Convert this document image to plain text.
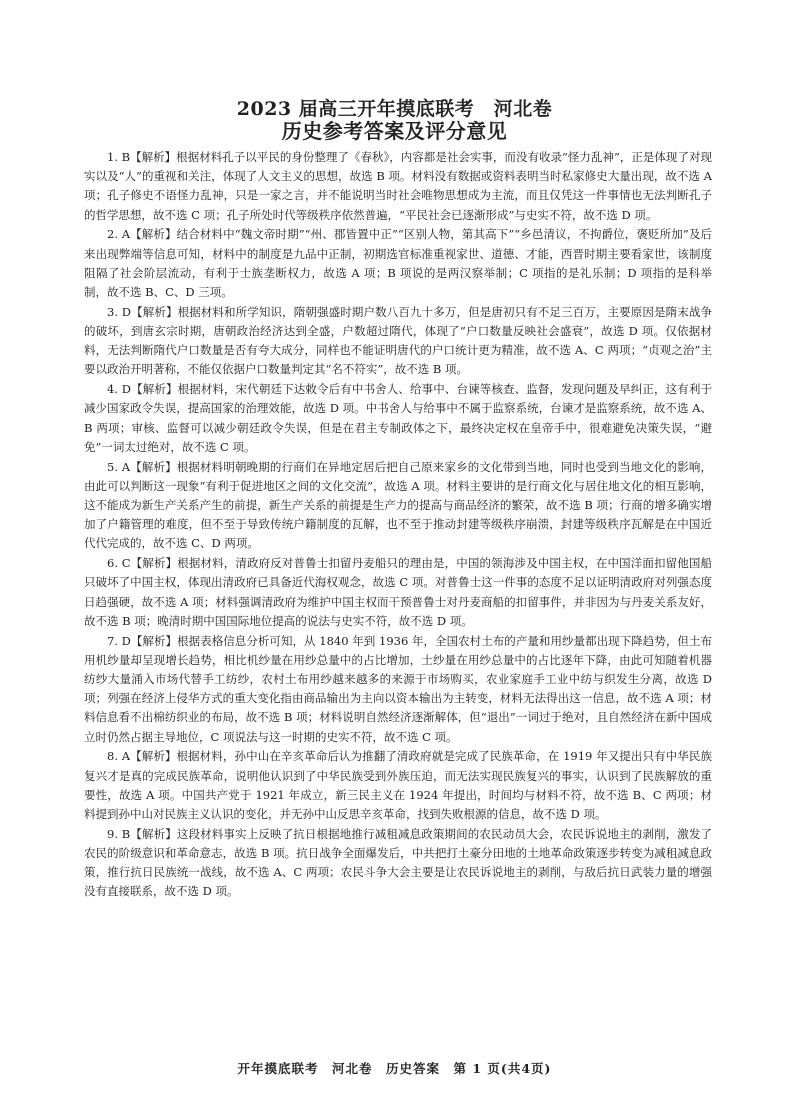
2023 届高三开年摸底联考　河北卷
历史参考答案及评分意见

1. B【解析】根据材料孔子以平民的身份整理了《春秋》，内容都是社会实事，而没有收录“怪力乱神”，正是体现了对现实以及“人”的重视和关注，体现了人文主义的思想，故选 B 项。材料没有数据或资料表明当时私家修史大量出现，故不选 A 项；孔子修史不语怪力乱神，只是一家之言，并不能说明当时社会唯物思想成为主流，而且仅凭这一件事情也无法判断孔子的哲学思想，故不选 C 项；孔子所处时代等级秩序依然普遍，“平民社会已逐渐形成”与史实不符，故不选 D 项。

2. A【解析】结合材料中“魏文帝时期”“州、郡皆置中正”“区别人物，第其高下”“乡邑清议，不拘爵位，褒贬所加”及后来出现弊端等信息可知，材料中的制度是九品中正制，初期选官标准重视家世、道德、才能，西晋时期主要看家世，该制度阻隔了社会阶层流动，有利于士族垄断权力，故选 A 项；B 项说的是两汉察举制；C 项指的是礼乐制；D 项指的是科举制，故不选 B、C、D 三项。

3. D【解析】根据材料和所学知识，隋朝强盛时期户数八百九十多万，但是唐初只有不足三百万，主要原因是隋末战争的破坏，到唐玄宗时期，唐朝政治经济达到全盛，户数超过隋代，体现了“户口数量反映社会盛衰”，故选 D 项。仅依据材料，无法判断隋代户口数量是否有夸大成分，同样也不能证明唐代的户口统计更为精准，故不选 A、C 两项；“贞观之治”主要以政治开明著称，不能仅依据户口数量判定其“名不符实”，故不选 B 项。

4. D【解析】根据材料，宋代朝廷下达敕令后有中书舍人、给事中、台谏等核查、监督，发现问题及早纠正，这有利于减少国家政令失误，提高国家的治理效能，故选 D 项。中书舍人与给事中不属于监察系统，台谏才是监察系统，故不选 A、B 两项；审核、监督可以减少朝廷政令失误，但是在君主专制政体之下，最终决定权在皇帝手中，很难避免决策失误，“避免”一词太过绝对，故不选 C 项。

5. A【解析】根据材料明朝晚期的行商们在异地定居后把自己原来家乡的文化带到当地，同时也受到当地文化的影响，由此可以判断这一现象“有利于促进地区之间的文化交流”，故选 A 项。材料主要讲的是行商文化与居住地文化的相互影响，这不能成为新生产关系产生的前提，新生产关系的前提是生产力的提高与商品经济的繁荣，故不选 B 项；行商的增多确实增加了户籍管理的难度，但不至于导致传统户籍制度的瓦解，也不至于推动封建等级秩序崩溃，封建等级秩序瓦解是在中国近代代完成的，故不选 C、D 两项。

6. C【解析】根据材料，清政府反对普鲁士扣留丹麦船只的理由是，中国的领海涉及中国主权，在中国洋面扣留他国船只破坏了中国主权，体现出清政府已具备近代海权观念，故选 C 项。对普鲁士这一件事的态度不足以证明清政府对列强态度日趋强硬，故不选 A 项；材料强调清政府为维护中国主权而干预普鲁士对丹麦商船的扣留事件，并非因为与丹麦关系友好，故不选 B 项；晚清时期中国国际地位提高的说法与史实不符，故不选 D 项。

7. D【解析】根据表格信息分析可知，从 1840 年到 1936 年，全国农村土布的产量和用纱量都出现下降趋势，但土布用机纱量却呈现增长趋势，相比机纱量在用纱总量中的占比增加，土纱量在用纱总量中的占比逐年下降，由此可知随着机器纺纱大量涌入市场代替手工纺纱，农村土布用纱越来越多的来源于市场购买，农业家庭手工业中纺与织发生分离，故选 D 项；列强在经济上侵华方式的重大变化指由商品输出为主向以资本输出为主转变，材料无法得出这一信息，故不选 A 项；材料信息看不出棉纺织业的布局，故不选 B 项；材料说明自然经济逐渐解体，但“退出”一词过于绝对，且自然经济在新中国成立时仍然占据主导地位，C 项说法与这一时期的史实不符，故不选 C 项。

8. A【解析】根据材料，孙中山在辛亥革命后认为推翻了清政府就是完成了民族革命，在 1919 年又提出只有中华民族复兴才是真的完成民族革命，说明他认识到了中华民族受到外族压迫，而无法实现民族复兴的事实，认识到了民族解放的重要性，故选 A 项。中国共产党于 1921 年成立，新三民主义在 1924 年提出，时间均与材料不符，故不选 B、C 两项；材料提到孙中山对民族主义认识的变化，并无孙中山反思辛亥革命，找到失败根源的信息，故不选 D 项。

9. B【解析】这段材料事实上反映了抗日根据地推行减租减息政策期间的农民动员大会，农民诉说地主的剥削，激发了农民的阶级意识和革命意志，故选 B 项。抗日战争全面爆发后，中共把打土豪分田地的土地革命政策逐步转变为减租减息政策，推行抗日民族统一战线，故不选 A、C 两项；农民斗争大会主要是让农民诉说地主的剥削，与敌后抗日武装力量的增强没有直接联系，故不选 D 项。

开年摸底联考　河北卷　历史答案　第 1 页(共4页)
